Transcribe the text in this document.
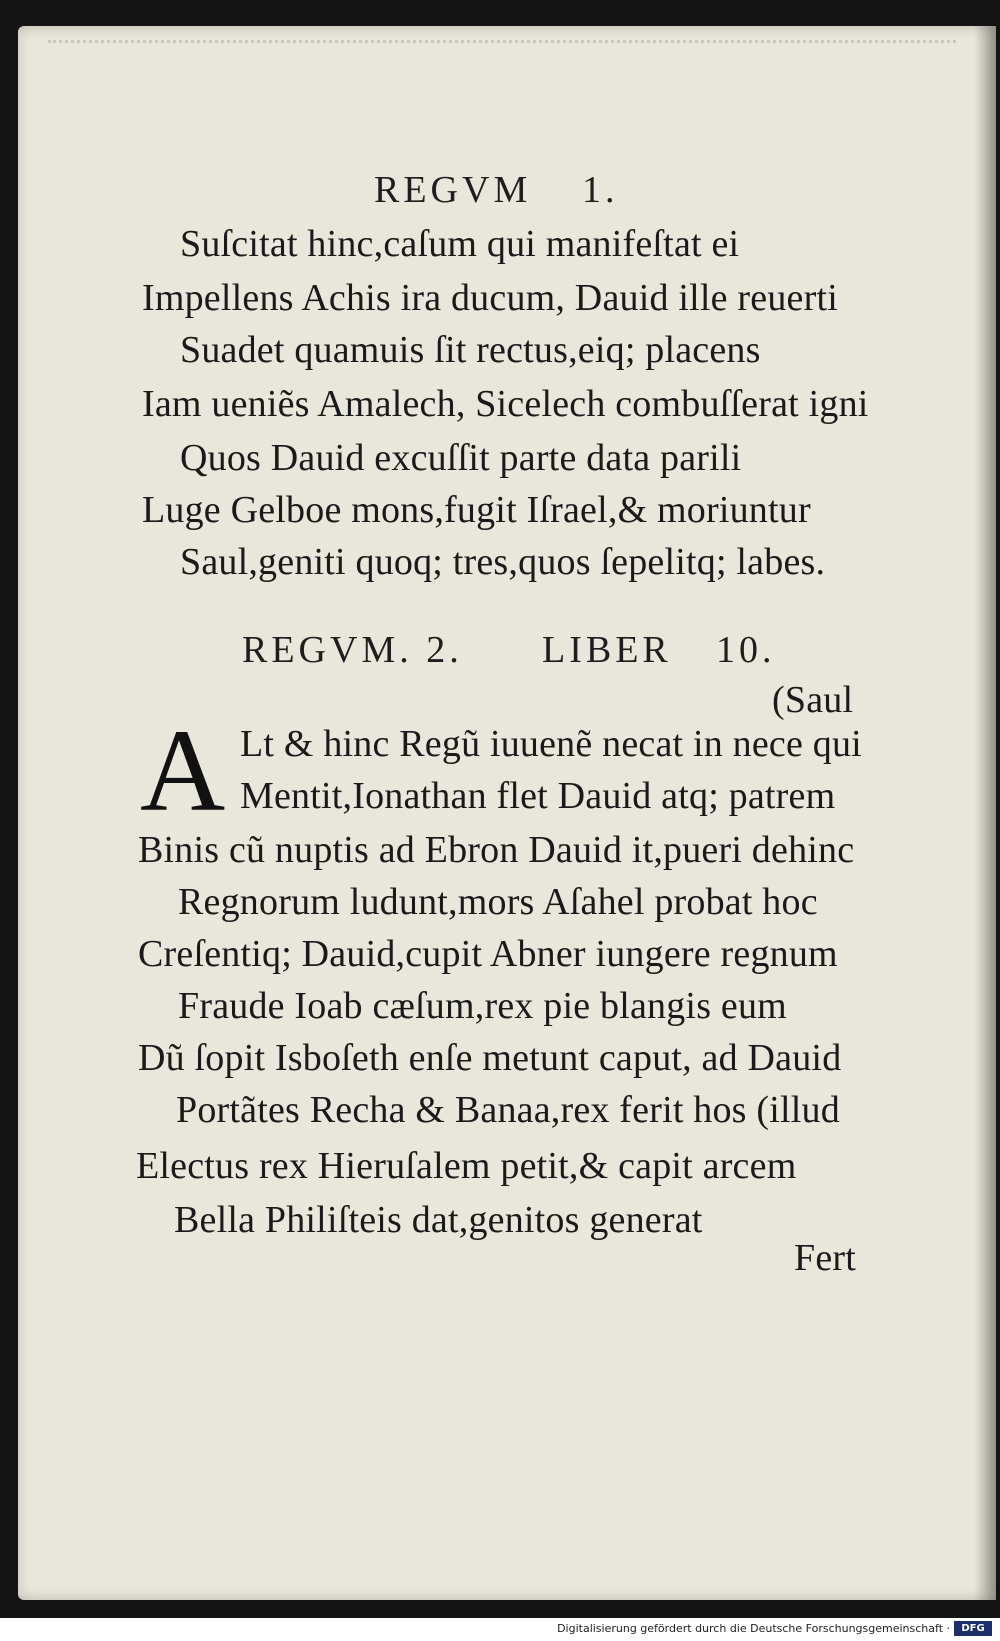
REGVM 1.
Suſcitat hinc,caſum qui manifeſtat ei
Impellens Achis ira ducum, Dauid ille reuerti
Suadet quamuis ſit rectus,eiq; placens
Iam ueniẽs Amalech, Sicelech combuſſerat igni
Quos Dauid excuſſit parte data parili
Luge Gelboe mons,fugit Iſrael,& moriuntur
Saul,geniti quoq; tres,quos ſepelitq; labes.
REGVM. 2. LIBER 10.
(Saul
A Lt & hinc Regũ iuuenẽ necat in nece qui
Mentit,Ionathan flet Dauid atq; patrem
Binis cũ nuptis ad Ebron Dauid it,pueri dehinc
Regnorum ludunt,mors Aſahel probat hoc
Creſentiq; Dauid,cupit Abner iungere regnum
Fraude Ioab cæſum,rex pie blangis eum
Dũ ſopit Isboſeth enſe metunt caput, ad Dauid
Portãtes Recha & Banaa,rex ferit hos (illud
Electus rex Hieruſalem petit,& capit arcem
Bella Philiſteis dat,genitos generat
Fert
Digitalisierung gefördert durch die Deutsche Forschungsgemeinschaft ·	DFG
